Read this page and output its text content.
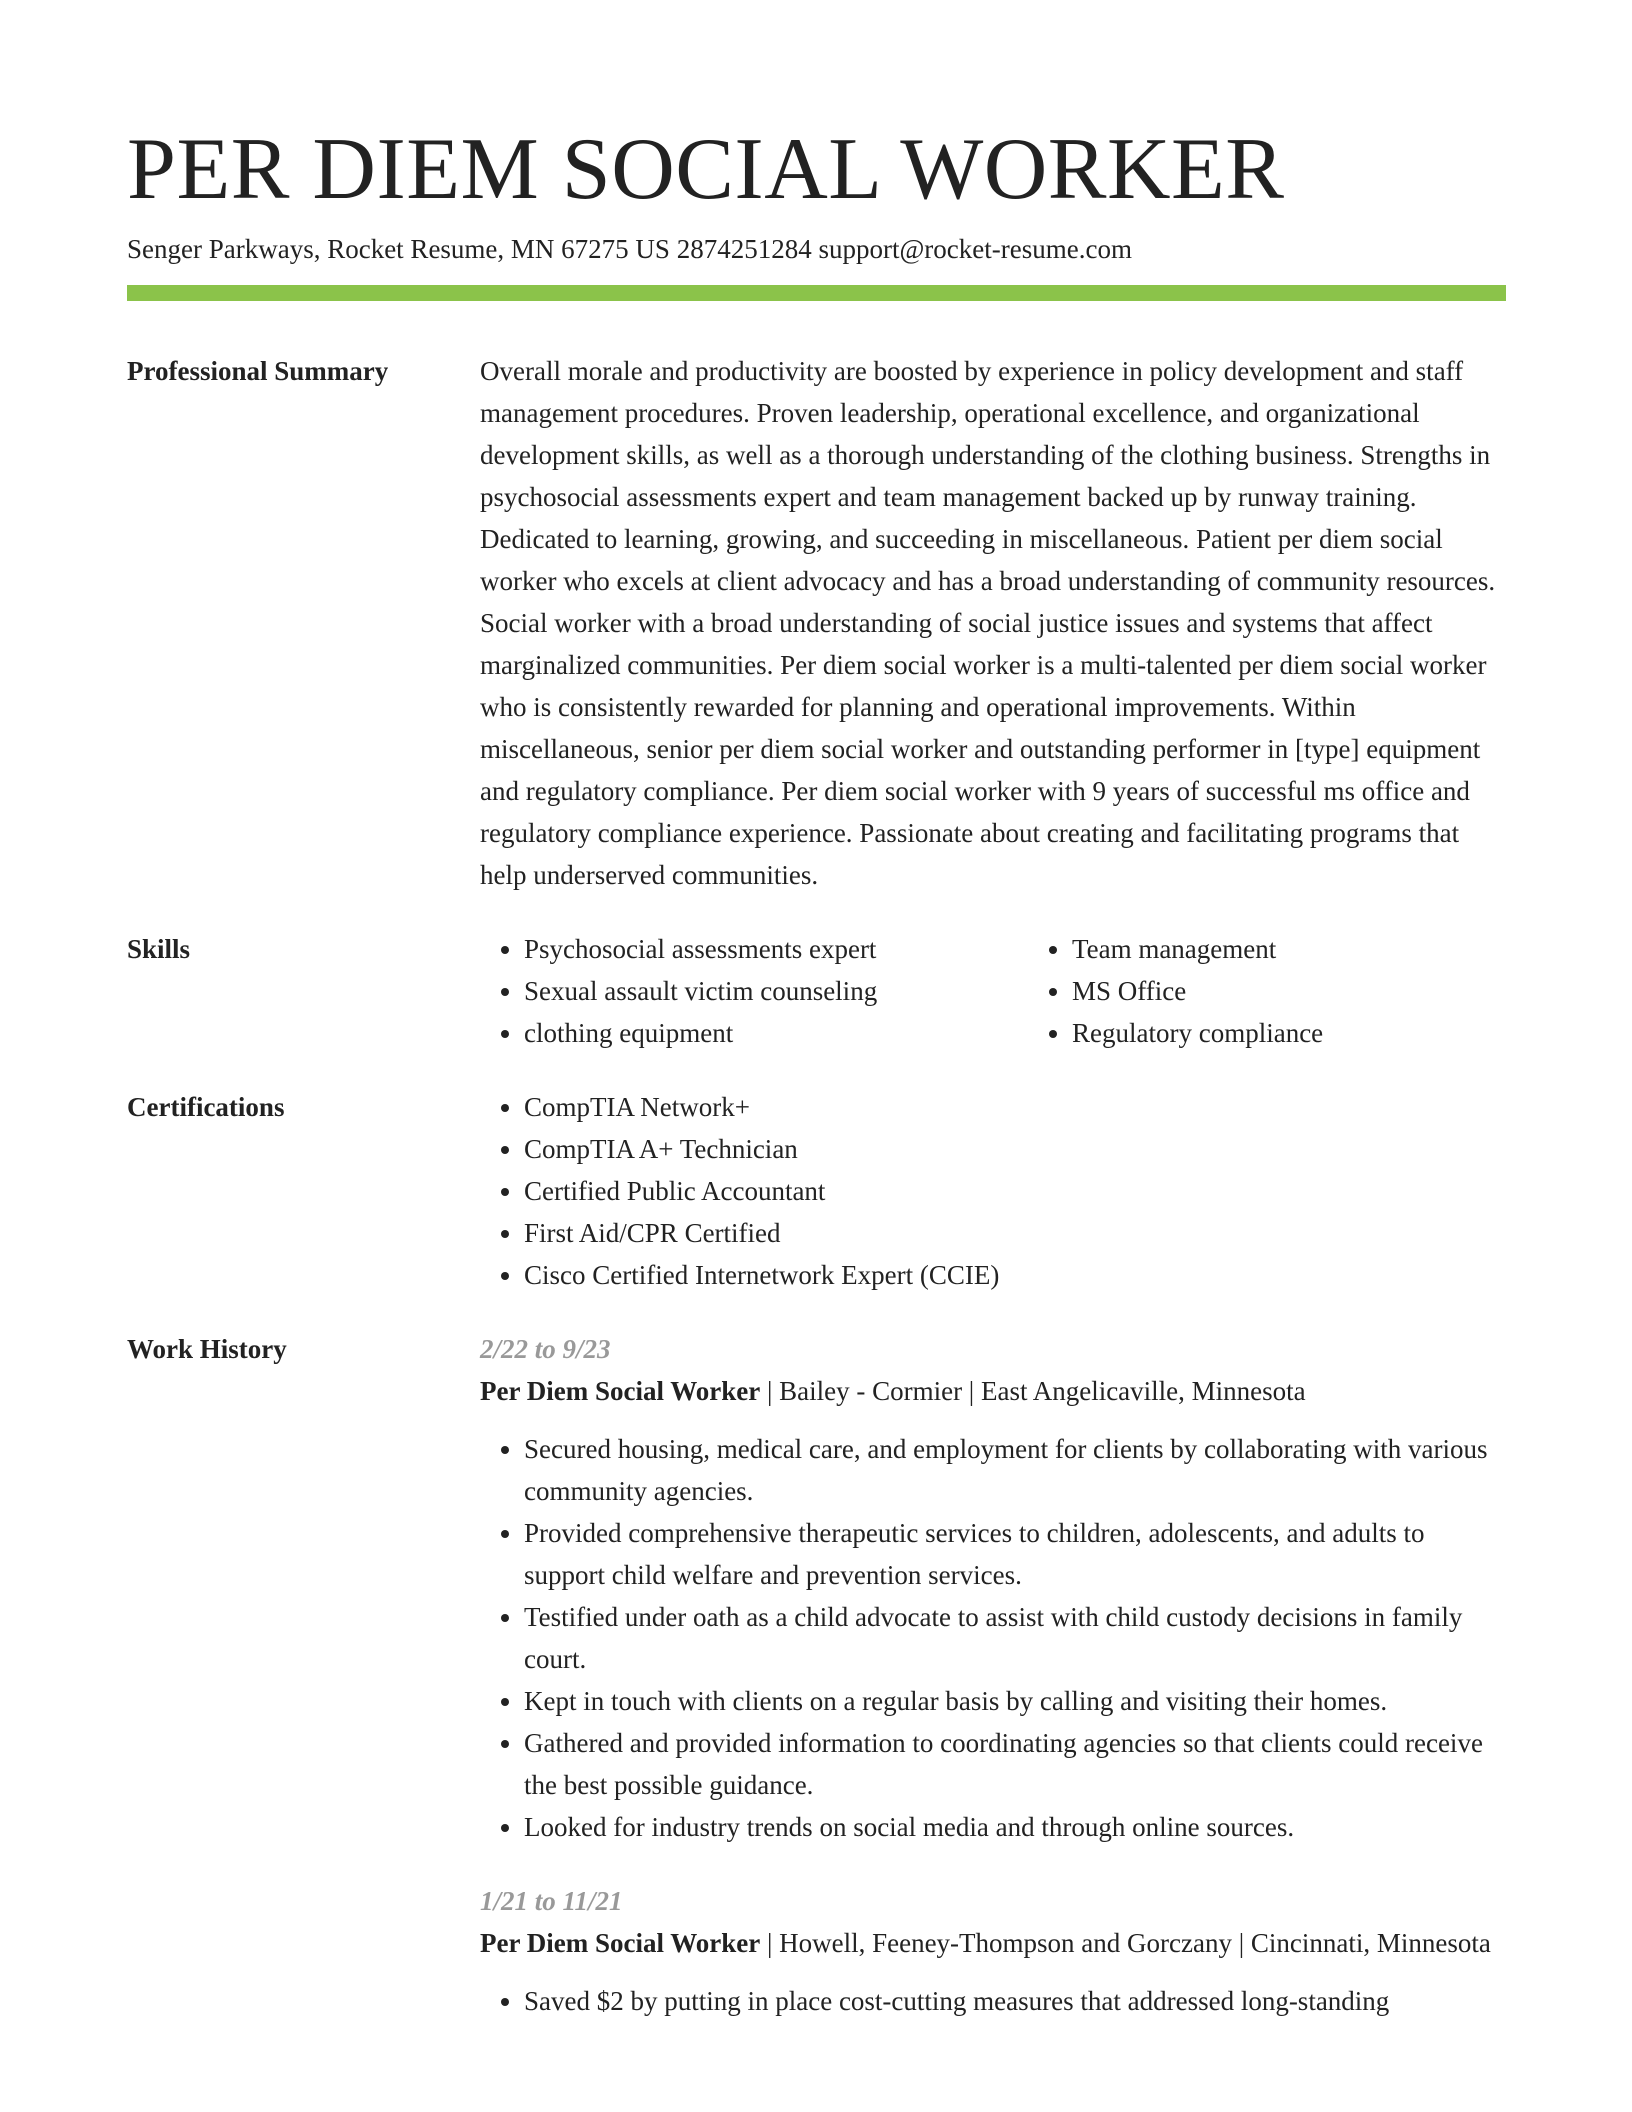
PER DIEM SOCIAL WORKER
Senger Parkways, Rocket Resume, MN 67275 US 2874251284 support@rocket-resume.com
Professional Summary	Overall morale and productivity are boosted by experience in policy development and staff management procedures. Proven leadership, operational excellence, and organizational development skills, as well as a thorough understanding of the clothing business. Strengths in psychosocial assessments expert and team management backed up by runway training. Dedicated to learning, growing, and succeeding in miscellaneous. Patient per diem social worker who excels at client advocacy and has a broad understanding of community resources. Social worker with a broad understanding of social justice issues and systems that affect marginalized communities. Per diem social worker is a multi-talented per diem social worker who is consistently rewarded for planning and operational improvements. Within miscellaneous, senior per diem social worker and outstanding performer in [type] equipment and regulatory compliance. Per diem social worker with 9 years of successful ms office and regulatory compliance experience. Passionate about creating and facilitating programs that help underserved communities.

Skills	• Psychosocial assessments expert
• Sexual assault victim counseling
• clothing equipment
• Team management
• MS Office
• Regulatory compliance
Certifications	• CompTIA Network+
• CompTIA A+ Technician
• Certified Public Accountant
• First Aid/CPR Certified
• Cisco Certified Internetwork Expert (CCIE)
Work History	2/22 to 9/23
Per Diem Social Worker | Bailey - Cormier | East Angelicaville, Minnesota
• Secured housing, medical care, and employment for clients by collaborating with various community agencies.
• Provided comprehensive therapeutic services to children, adolescents, and adults to support child welfare and prevention services.
• Testified under oath as a child advocate to assist with child custody decisions in family court.
• Kept in touch with clients on a regular basis by calling and visiting their homes.
• Gathered and provided information to coordinating agencies so that clients could receive the best possible guidance.
• Looked for industry trends on social media and through online sources.
1/21 to 11/21
Per Diem Social Worker | Howell, Feeney-Thompson and Gorczany | Cincinnati, Minnesota
• Saved $2 by putting in place cost-cutting measures that addressed long-standing
